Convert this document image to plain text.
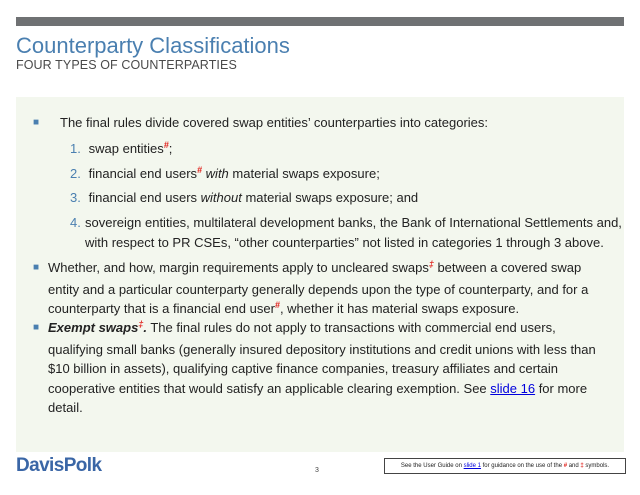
Counterparty Classifications
FOUR TYPES OF COUNTERPARTIES
■	The final rules divide covered swap entities’ counterparties into categories:
1. swap entities#;
2. financial end users# with material swaps exposure;
3. financial end users without material swaps exposure; and
4. sovereign entities, multilateral development banks, the Bank of International Settlements and,
with respect to PR CSEs, “other counterparties” not listed in categories 1 through 3 above.
■ Whether, and how, margin requirements apply to uncleared swaps‡ between a covered swap
entity and a particular counterparty generally depends upon the type of counterparty, and for a
counterparty that is a financial end user#, whether it has material swaps exposure.
■ Exempt swaps‡. The final rules do not apply to transactions with commercial end users,
qualifying small banks (generally insured depository institutions and credit unions with less than
$10 billion in assets), qualifying captive finance companies, treasury affiliates and certain
cooperative entities that would satisfy an applicable clearing exemption. See slide 16 for more
detail.
DavisPolk	3
See the User Guide on slide 1 for guidance on the use of the # and ‡ symbols.
